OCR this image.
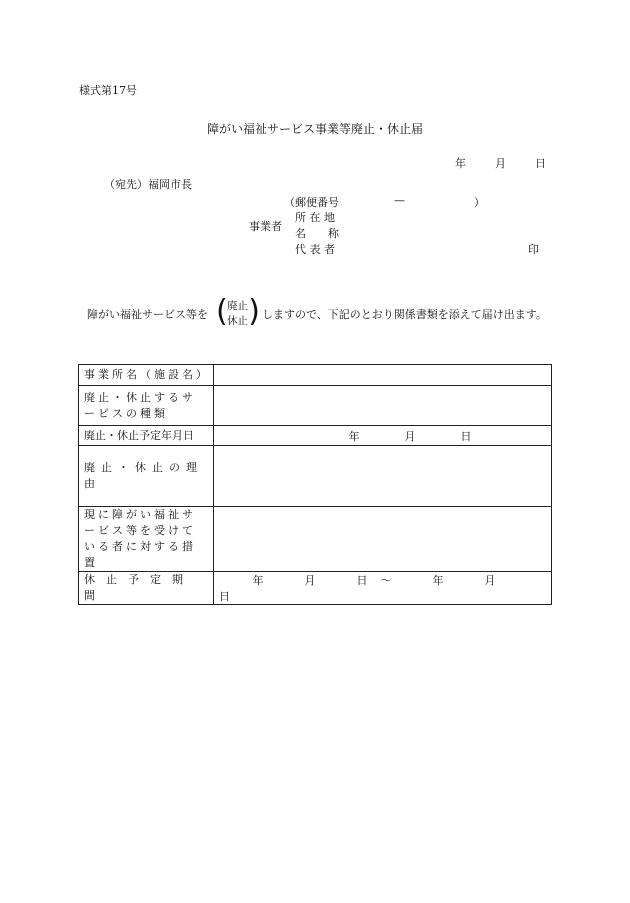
様式第17号
障がい福祉サービス事業等廃止・休止届
年	月	日
（宛先）福岡市長
（郵便番号	—	）
事業者
所 在 地
名　　称
代 表 者	印
障がい福祉サービス等を ( 廃止
休止 ) しますので、下記のとおり関係書類を添えて届け出ます。
事業所名（施設名）	
廃止・休止するサービスの種類	
廃止・休止予定年月日	年 月 日
廃止・休止の理由	
現に障がい福祉サービス等を受けている者に対する措置	
休止予定期間	年 月 日 ～ 年 月  日
